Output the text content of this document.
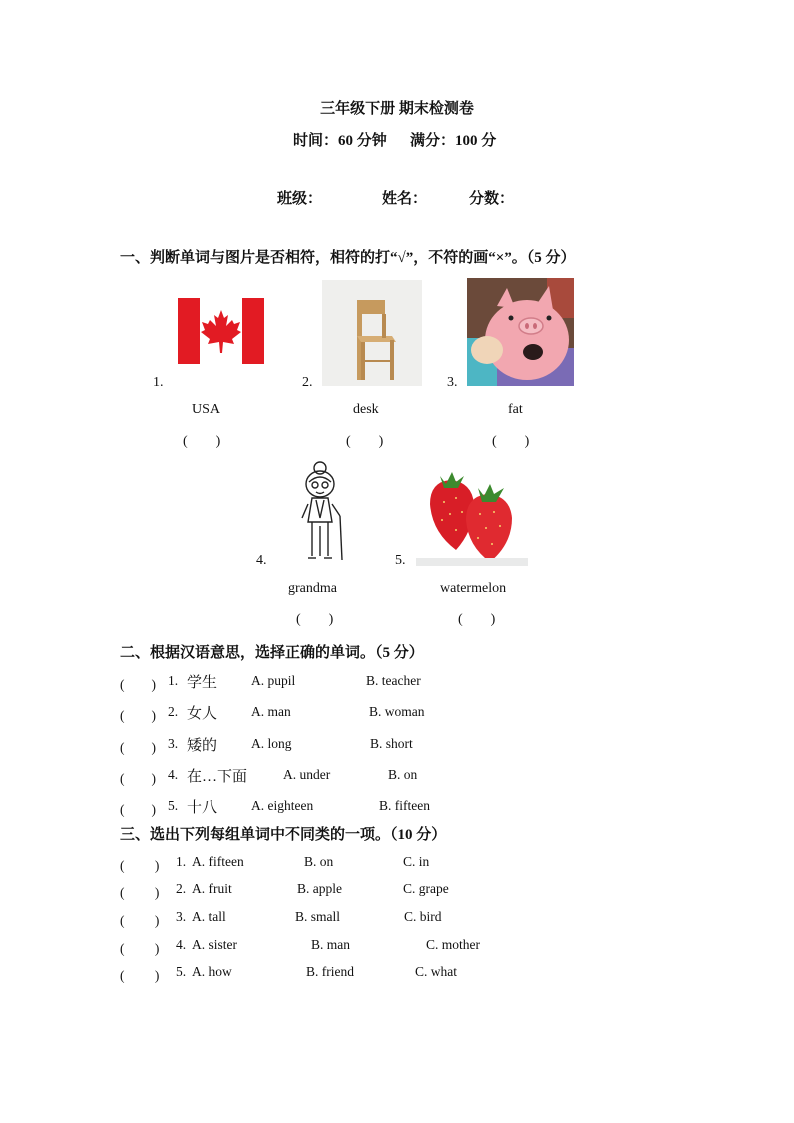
三年级下册 期末检测卷
时间：60 分钟 满分：100 分
班级：	姓名：	分数：
一、判断单词与图片是否相符，相符的打“√”，不符的画“×”。（5 分）
1.
USA
(　　)
2.
desk
(　　)
3.
fat
(　　)
4.
grandma
(　　)
5.
watermelon
(　　)
二、根据汉语意思，选择正确的单词。（5 分）
(　　) 1. 学生	A. pupil	B. teacher
(　　) 2. 女人	A. man	B. woman
(　　) 3. 矮的	A. long	B. short
(　　) 4. 在…下面	A. under	B. on
(　　) 5. 十八	A. eighteen	B. fifteen
三、选出下列每组单词中不同类的一项。（10 分）
(　　 ) 1. A. fifteen	B. on	C. in
(　　 ) 2. A. fruit	B. apple	C. grape
(　　 ) 3. A. tall	B. small	C. bird
(　　 ) 4. A. sister	B. man	C. mother
(　　 ) 5. A. how	B. friend	C. what
